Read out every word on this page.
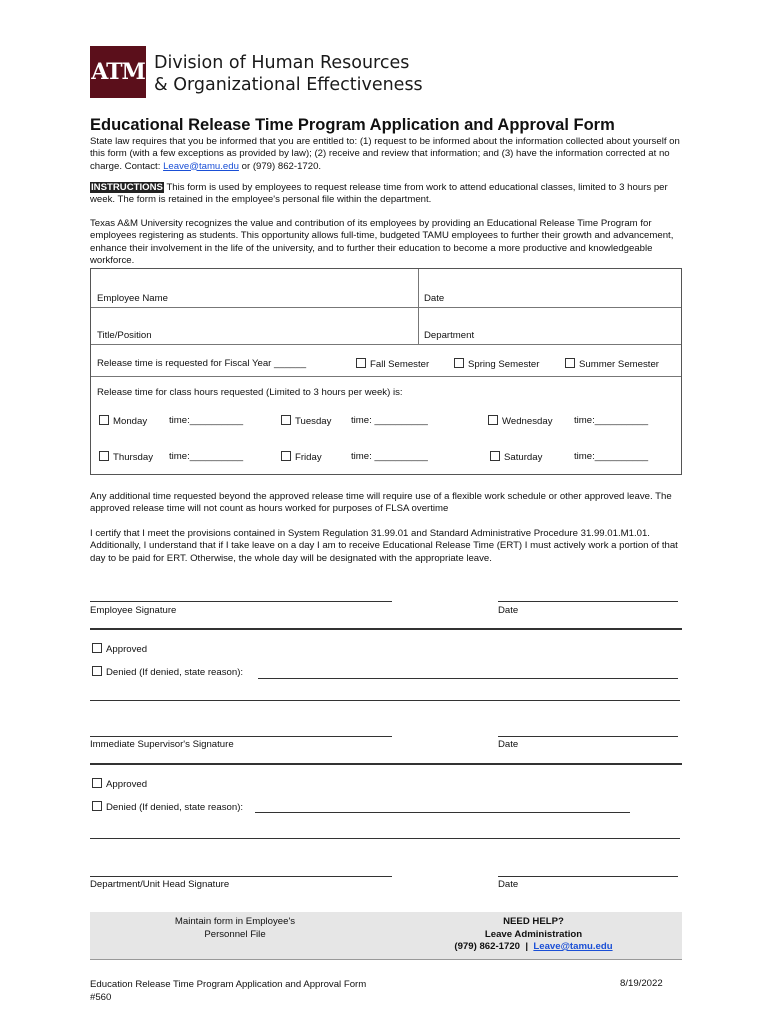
ATM Division of Human Resources
& Organizational Effectiveness
Educational Release Time Program Application and Approval Form
State law requires that you be informed that you are entitled to: (1) request to be informed about the information collected about yourself on this form (with a few exceptions as provided by law); (2) receive and review that information; and (3) have the information corrected at no charge. Contact: Leave@tamu.edu or (979) 862-1720.
INSTRUCTIONS This form is used by employees to request release time from work to attend educational classes, limited to 3 hours per week. The form is retained in the employee's personal file within the department.
Texas A&M University recognizes the value and contribution of its employees by providing an Educational Release Time Program for employees registering as students. This opportunity allows full-time, budgeted TAMU employees to further their growth and advancement, enhance their involvement in the life of the university, and to further their education to become a more productive and knowledgeable workforce.
Employee Name	Date
Title/Position	Department
Release time is requested for Fiscal Year ______	Fall Semester	Spring Semester	Summer Semester
Release time for class hours requested (Limited to 3 hours per week) is:
Monday time:__________	Tuesday time: __________	Wednesday time:__________
Thursday time:__________	Friday	time: __________	Saturday	time:__________
Any additional time requested beyond the approved release time will require use of a flexible work schedule or other approved leave. The approved release time will not count as hours worked for purposes of FLSA overtime
I certify that I meet the provisions contained in System Regulation 31.99.01 and Standard Administrative Procedure 31.99.01.M1.01. Additionally, I understand that if I take leave on a day I am to receive Educational Release Time (ERT) I must actively work a portion of that day to be paid for ERT. Otherwise, the whole day will be designated with the appropriate leave.
Employee Signature	Date
Approved
Denied (If denied, state reason):
Immediate Supervisor's Signature	Date
Approved
Denied (If denied, state reason):
Department/Unit Head Signature	Date
Maintain form in Employee's
Personnel File
NEED HELP?
Leave Administration
(979) 862-1720  |  Leave@tamu.edu
Education Release Time Program Application and Approval Form
#560
8/19/2022
